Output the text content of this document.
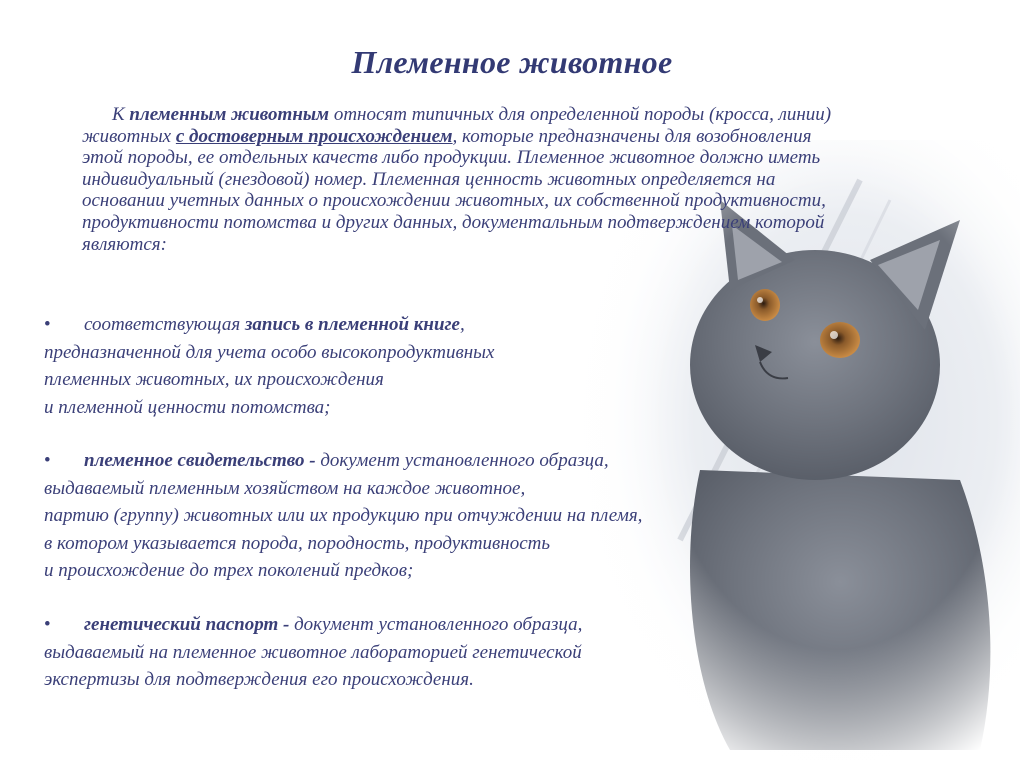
Племенное животное
К племенным животным относят типичных для определенной породы (кросса, линии) животных с достоверным происхождением, которые предназначены для возобновления этой породы, ее отдельных качеств либо продукции. Племенное животное должно иметь индивидуальный (гнездовой) номер. Племенная ценность животных определяется на основании учетных данных о происхождении животных, их собственной продуктивности, продуктивности потомства и других данных, документальным подтверждением которой являются:
• соответствующая запись в племенной книге,
предназначенной для учета особо высокопродуктивных
племенных животных, их происхождения
и племенной ценности потомства;
• племенное свидетельство - документ установленного образца,
выдаваемый племенным хозяйством на каждое животное,
партию (группу) животных или их продукцию при отчуждении на племя,
в котором указывается порода, породность, продуктивность
и происхождение до трех поколений предков;
• генетический паспорт - документ установленного образца,
выдаваемый на племенное животное лабораторией генетической
экспертизы для подтверждения его происхождения.
